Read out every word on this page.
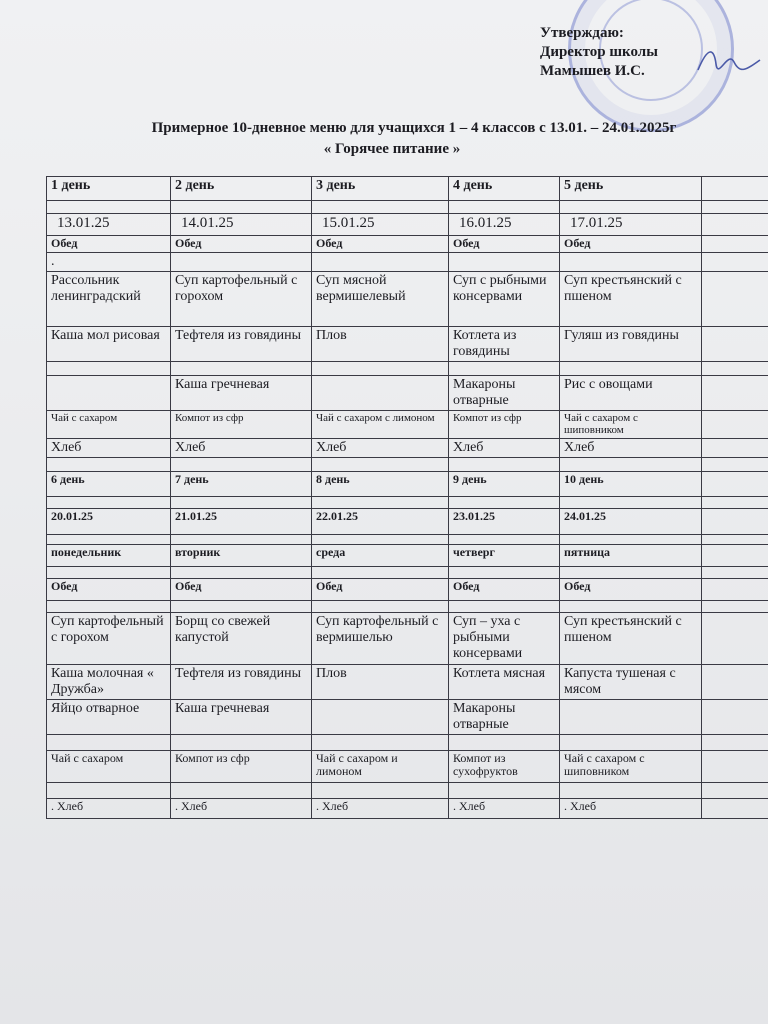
Утверждаю:
Директор школы
Мамышев И.С.
Примерное 10-дневное меню для учащихся 1 – 4 классов с 13.01. – 24.01.2025г
« Горячее питание »
1 день	2 день	3 день	4 день	5 день	

13.01.25	14.01.25	15.01.25	16.01.25	17.01.25	
Обед	Обед	Обед	Обед	Обед	
.					
Рассольник ленинградский	Суп картофельный с горохом	Суп мясной вермишелевый	Суп с рыбными консервами	Суп крестьянский с пшеном	
Каша мол рисовая	Тефтеля из говядины	Плов	Котлета из говядины	Гуляш из говядины	

	Каша гречневая		Макароны отварные	Рис с овощами	
Чай с сахаром	Компот из сфр	Чай с сахаром с лимоном	Компот из сфр	Чай с сахаром с шиповником	
Хлеб	Хлеб	Хлеб	Хлеб	Хлеб	

6 день	7 день	8 день	9 день	10 день	

20.01.25	21.01.25	22.01.25	23.01.25	24.01.25	

понедельник	вторник	среда	четверг	пятница	

Обед	Обед	Обед	Обед	Обед	

Суп картофельный с горохом	Борщ со свежей капустой	Суп картофельный с вермишелью	Суп – уха с рыбными консервами	Суп крестьянский с пшеном	
Каша молочная « Дружба»	Тефтеля из говядины	Плов	Котлета мясная	Капуста тушеная с мясом	
Яйцо отварное	Каша гречневая		Макароны отварные		

Чай с сахаром	Компот из сфр	Чай с сахаром и лимоном	Компот из сухофруктов	Чай с сахаром с шиповником	

. Хлеб	. Хлеб	. Хлеб	. Хлеб	. Хлеб	
